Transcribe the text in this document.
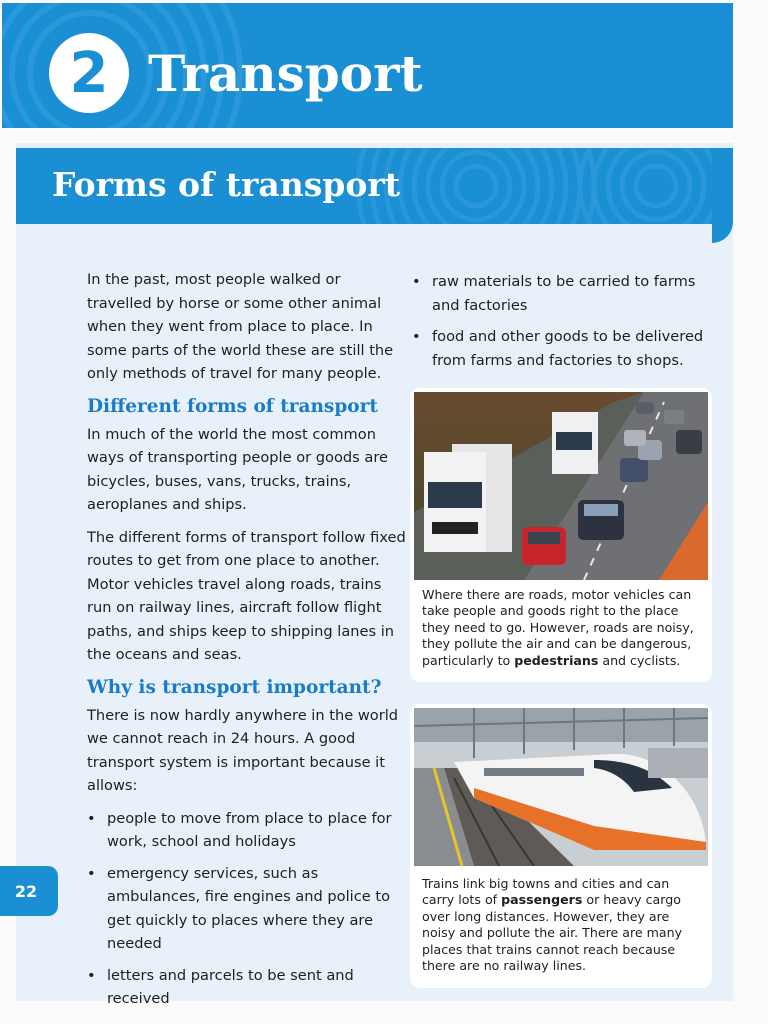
2 Transport
Forms of transport

In the past, most people walked or travelled by horse or some other animal when they went from place to place. In some parts of the world these are still the only methods of travel for many people.

Different forms of transport

In much of the world the most common ways of transporting people or goods are bicycles, buses, vans, trucks, trains, aeroplanes and ships.

The different forms of transport follow fixed routes to get from one place to another. Motor vehicles travel along roads, trains run on railway lines, aircraft follow flight paths, and ships keep to shipping lanes in the oceans and seas.

Why is transport important?

There is now hardly anywhere in the world we cannot reach in 24 hours. A good transport system is important because it allows:

• people to move from place to place for work, school and holidays
• emergency services, such as ambulances, fire engines and police to get quickly to places where they are needed
• letters and parcels to be sent and received
• raw materials to be carried to farms and factories
• food and other goods to be delivered from farms and factories to shops.
Where there are roads, motor vehicles can take people and goods right to the place they need to go. However, roads are noisy, they pollute the air and can be dangerous, particularly to pedestrians and cyclists.
Trains link big towns and cities and can carry lots of passengers or heavy cargo over long distances. However, they are noisy and pollute the air. There are many places that trains cannot reach because there are no railway lines.
22
